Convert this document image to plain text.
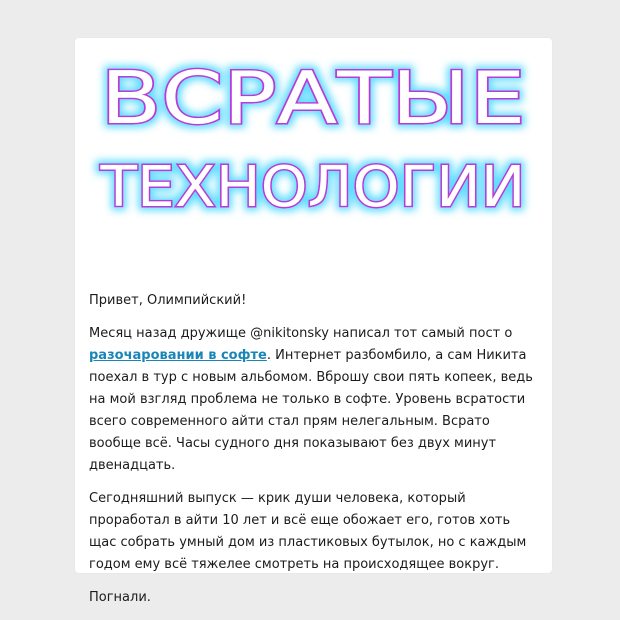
ВСРАТЫЕ
ТЕХНОЛОГИИ

Привет, Олимпийский!

Месяц назад дружище @nikitonsky написал тот самый пост о разочаровании в софте. Интернет разбомбило, а сам Никита поехал в тур с новым альбомом. Вброшу свои пять копеек, ведь на мой взгляд проблема не только в софте. Уровень всратости всего современного айти стал прям нелегальным. Всрато вообще всё. Часы судного дня показывают без двух минут двенадцать.

Сегодняшний выпуск — крик души человека, который проработал в айти 10 лет и всё еще обожает его, готов хоть щас собрать умный дом из пластиковых бутылок, но с каждым годом ему всё тяжелее смотреть на происходящее вокруг.

Погнали.
